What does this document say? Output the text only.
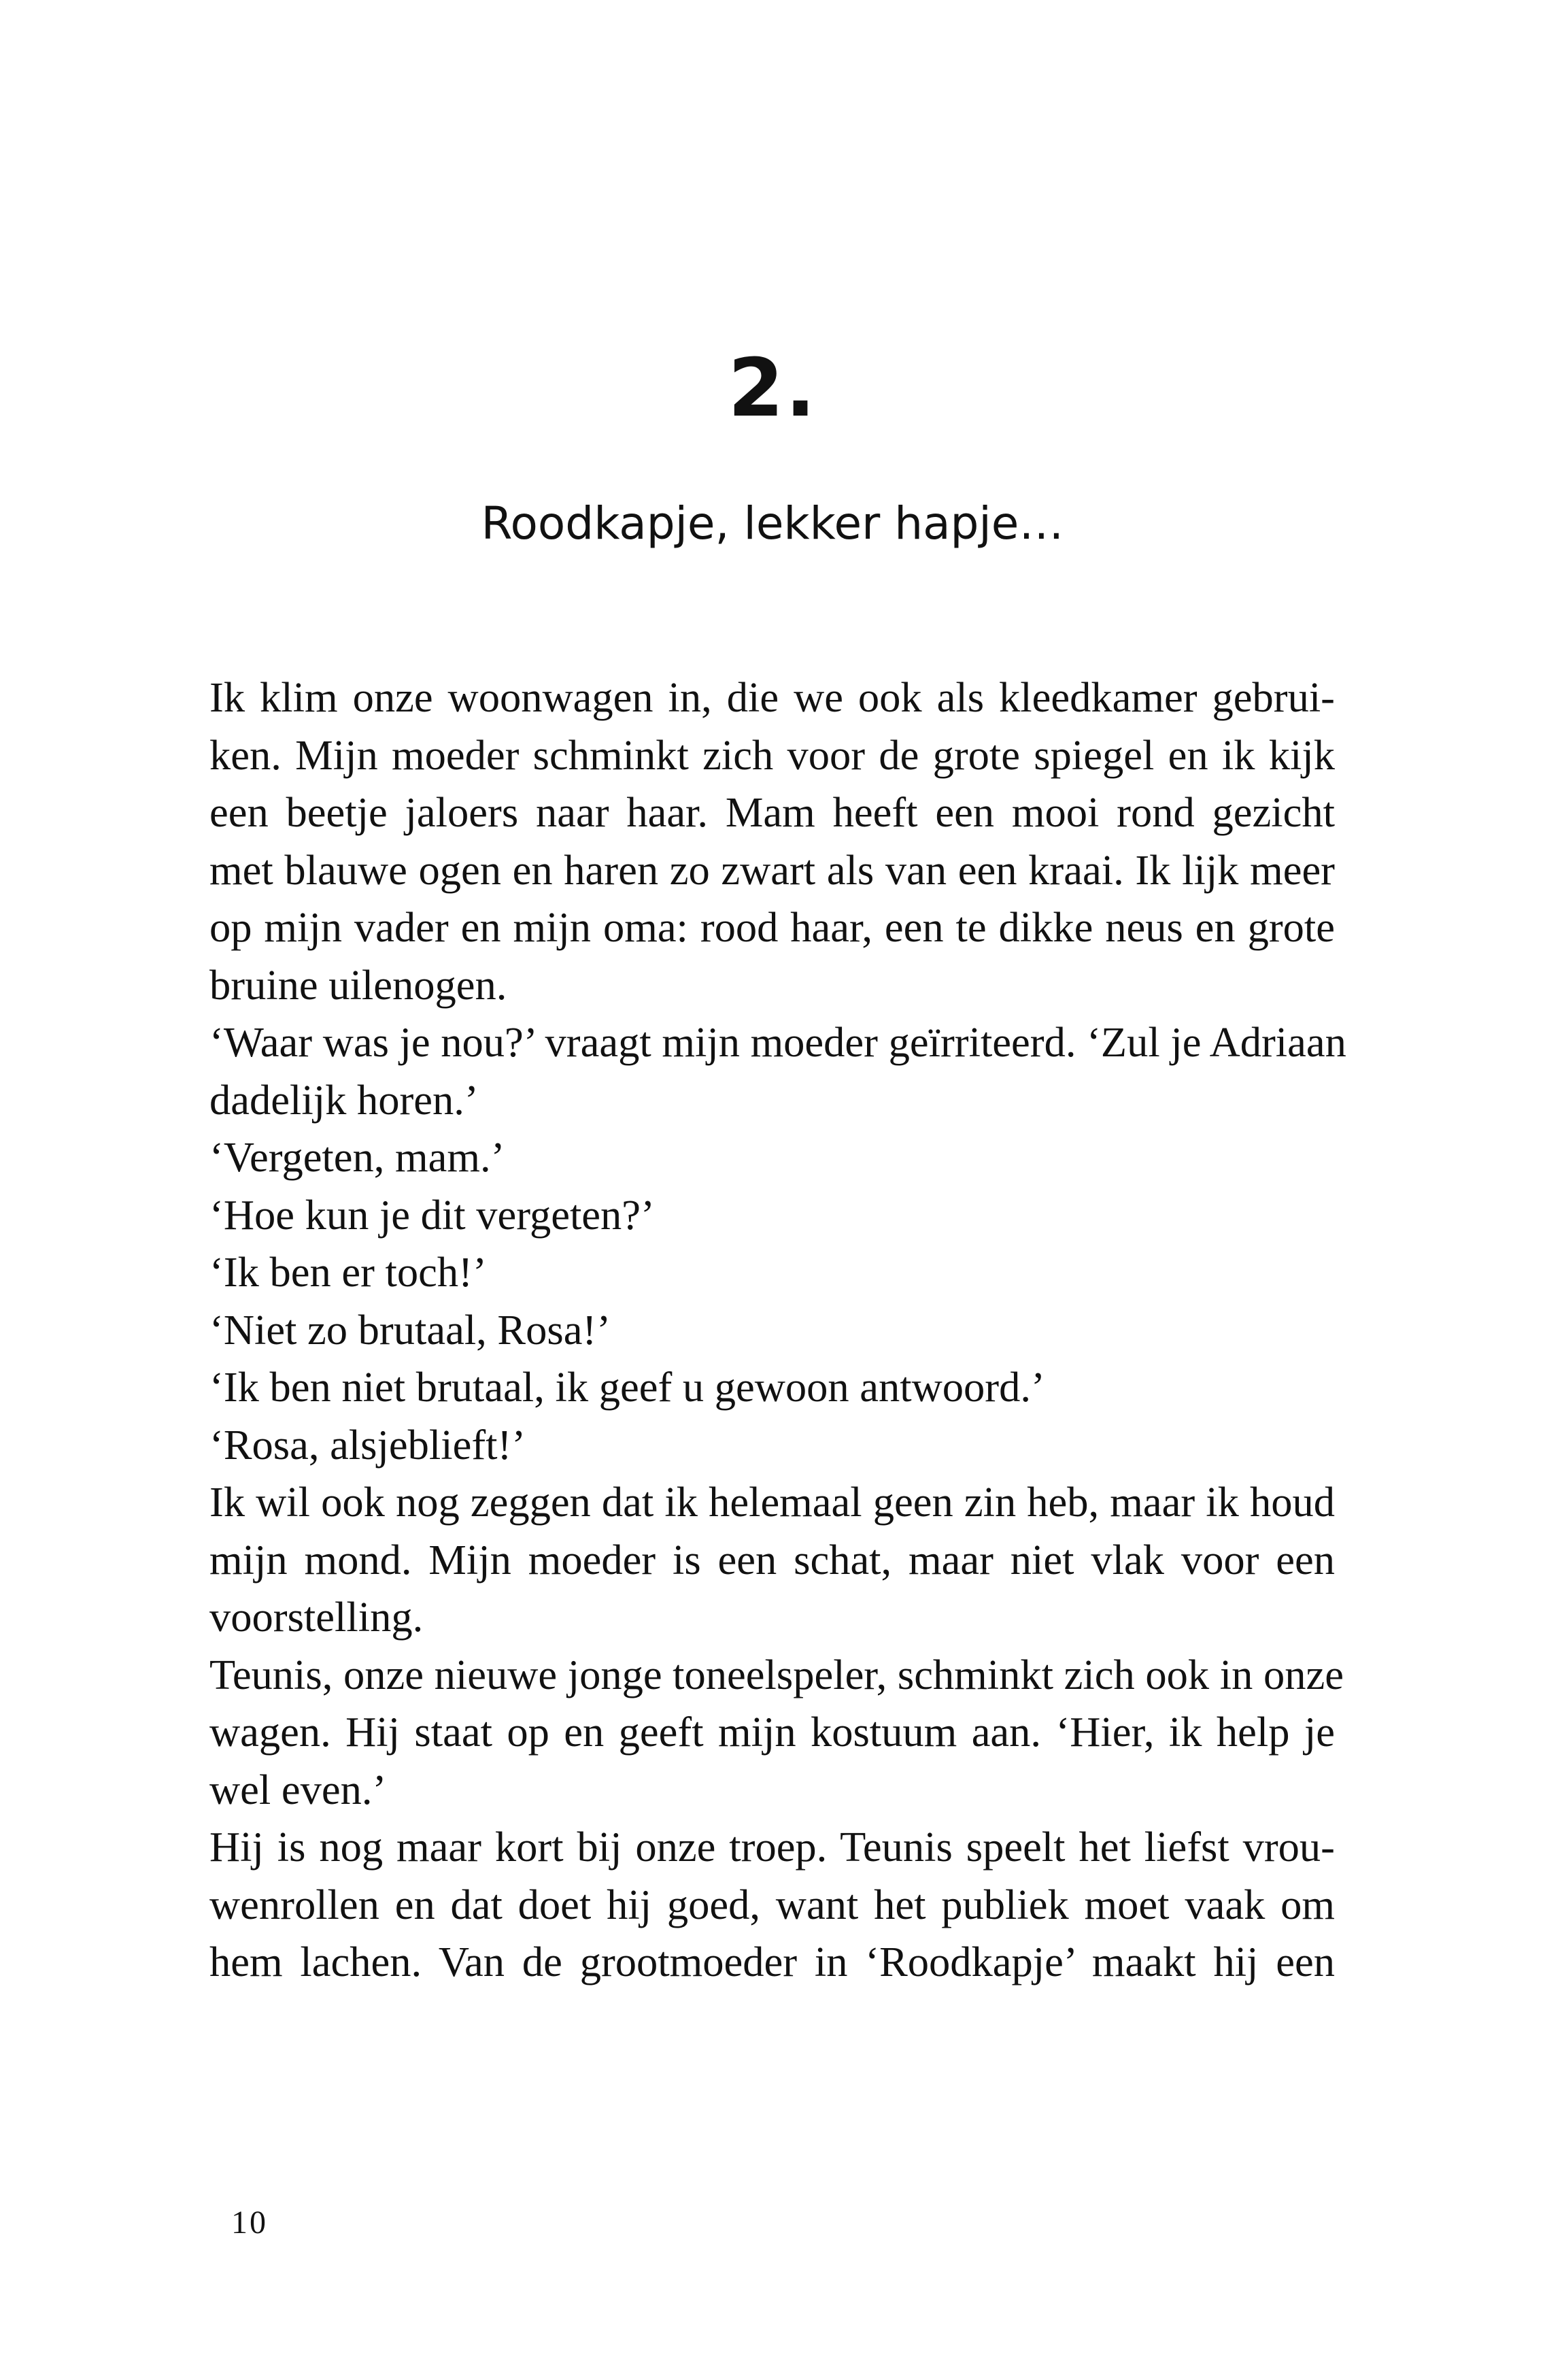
2.
Roodkapje, lekker hapje…
Ik klim onze woonwagen in, die we ook als kleedkamer gebrui-
ken. Mijn moeder schminkt zich voor de grote spiegel en ik kijk
een beetje jaloers naar haar. Mam heeft een mooi rond gezicht
met blauwe ogen en haren zo zwart als van een kraai. Ik lijk meer
op mijn vader en mijn oma: rood haar, een te dikke neus en grote
bruine uilenogen.
‘Waar was je nou?’ vraagt mijn moeder geïrriteerd. ‘Zul je Adriaan
dadelijk horen.’
‘Vergeten, mam.’
‘Hoe kun je dit vergeten?’
‘Ik ben er toch!’
‘Niet zo brutaal, Rosa!’
‘Ik ben niet brutaal, ik geef u gewoon antwoord.’
‘Rosa, alsjeblieft!’
Ik wil ook nog zeggen dat ik helemaal geen zin heb, maar ik houd
mijn mond. Mijn moeder is een schat, maar niet vlak voor een
voorstelling.
Teunis, onze nieuwe jonge toneelspeler, schminkt zich ook in onze
wagen. Hij staat op en geeft mijn kostuum aan. ‘Hier, ik help je
wel even.’
Hij is nog maar kort bij onze troep. Teunis speelt het liefst vrou-
wenrollen en dat doet hij goed, want het publiek moet vaak om
hem lachen. Van de grootmoeder in ‘Roodkapje’ maakt hij een
10
